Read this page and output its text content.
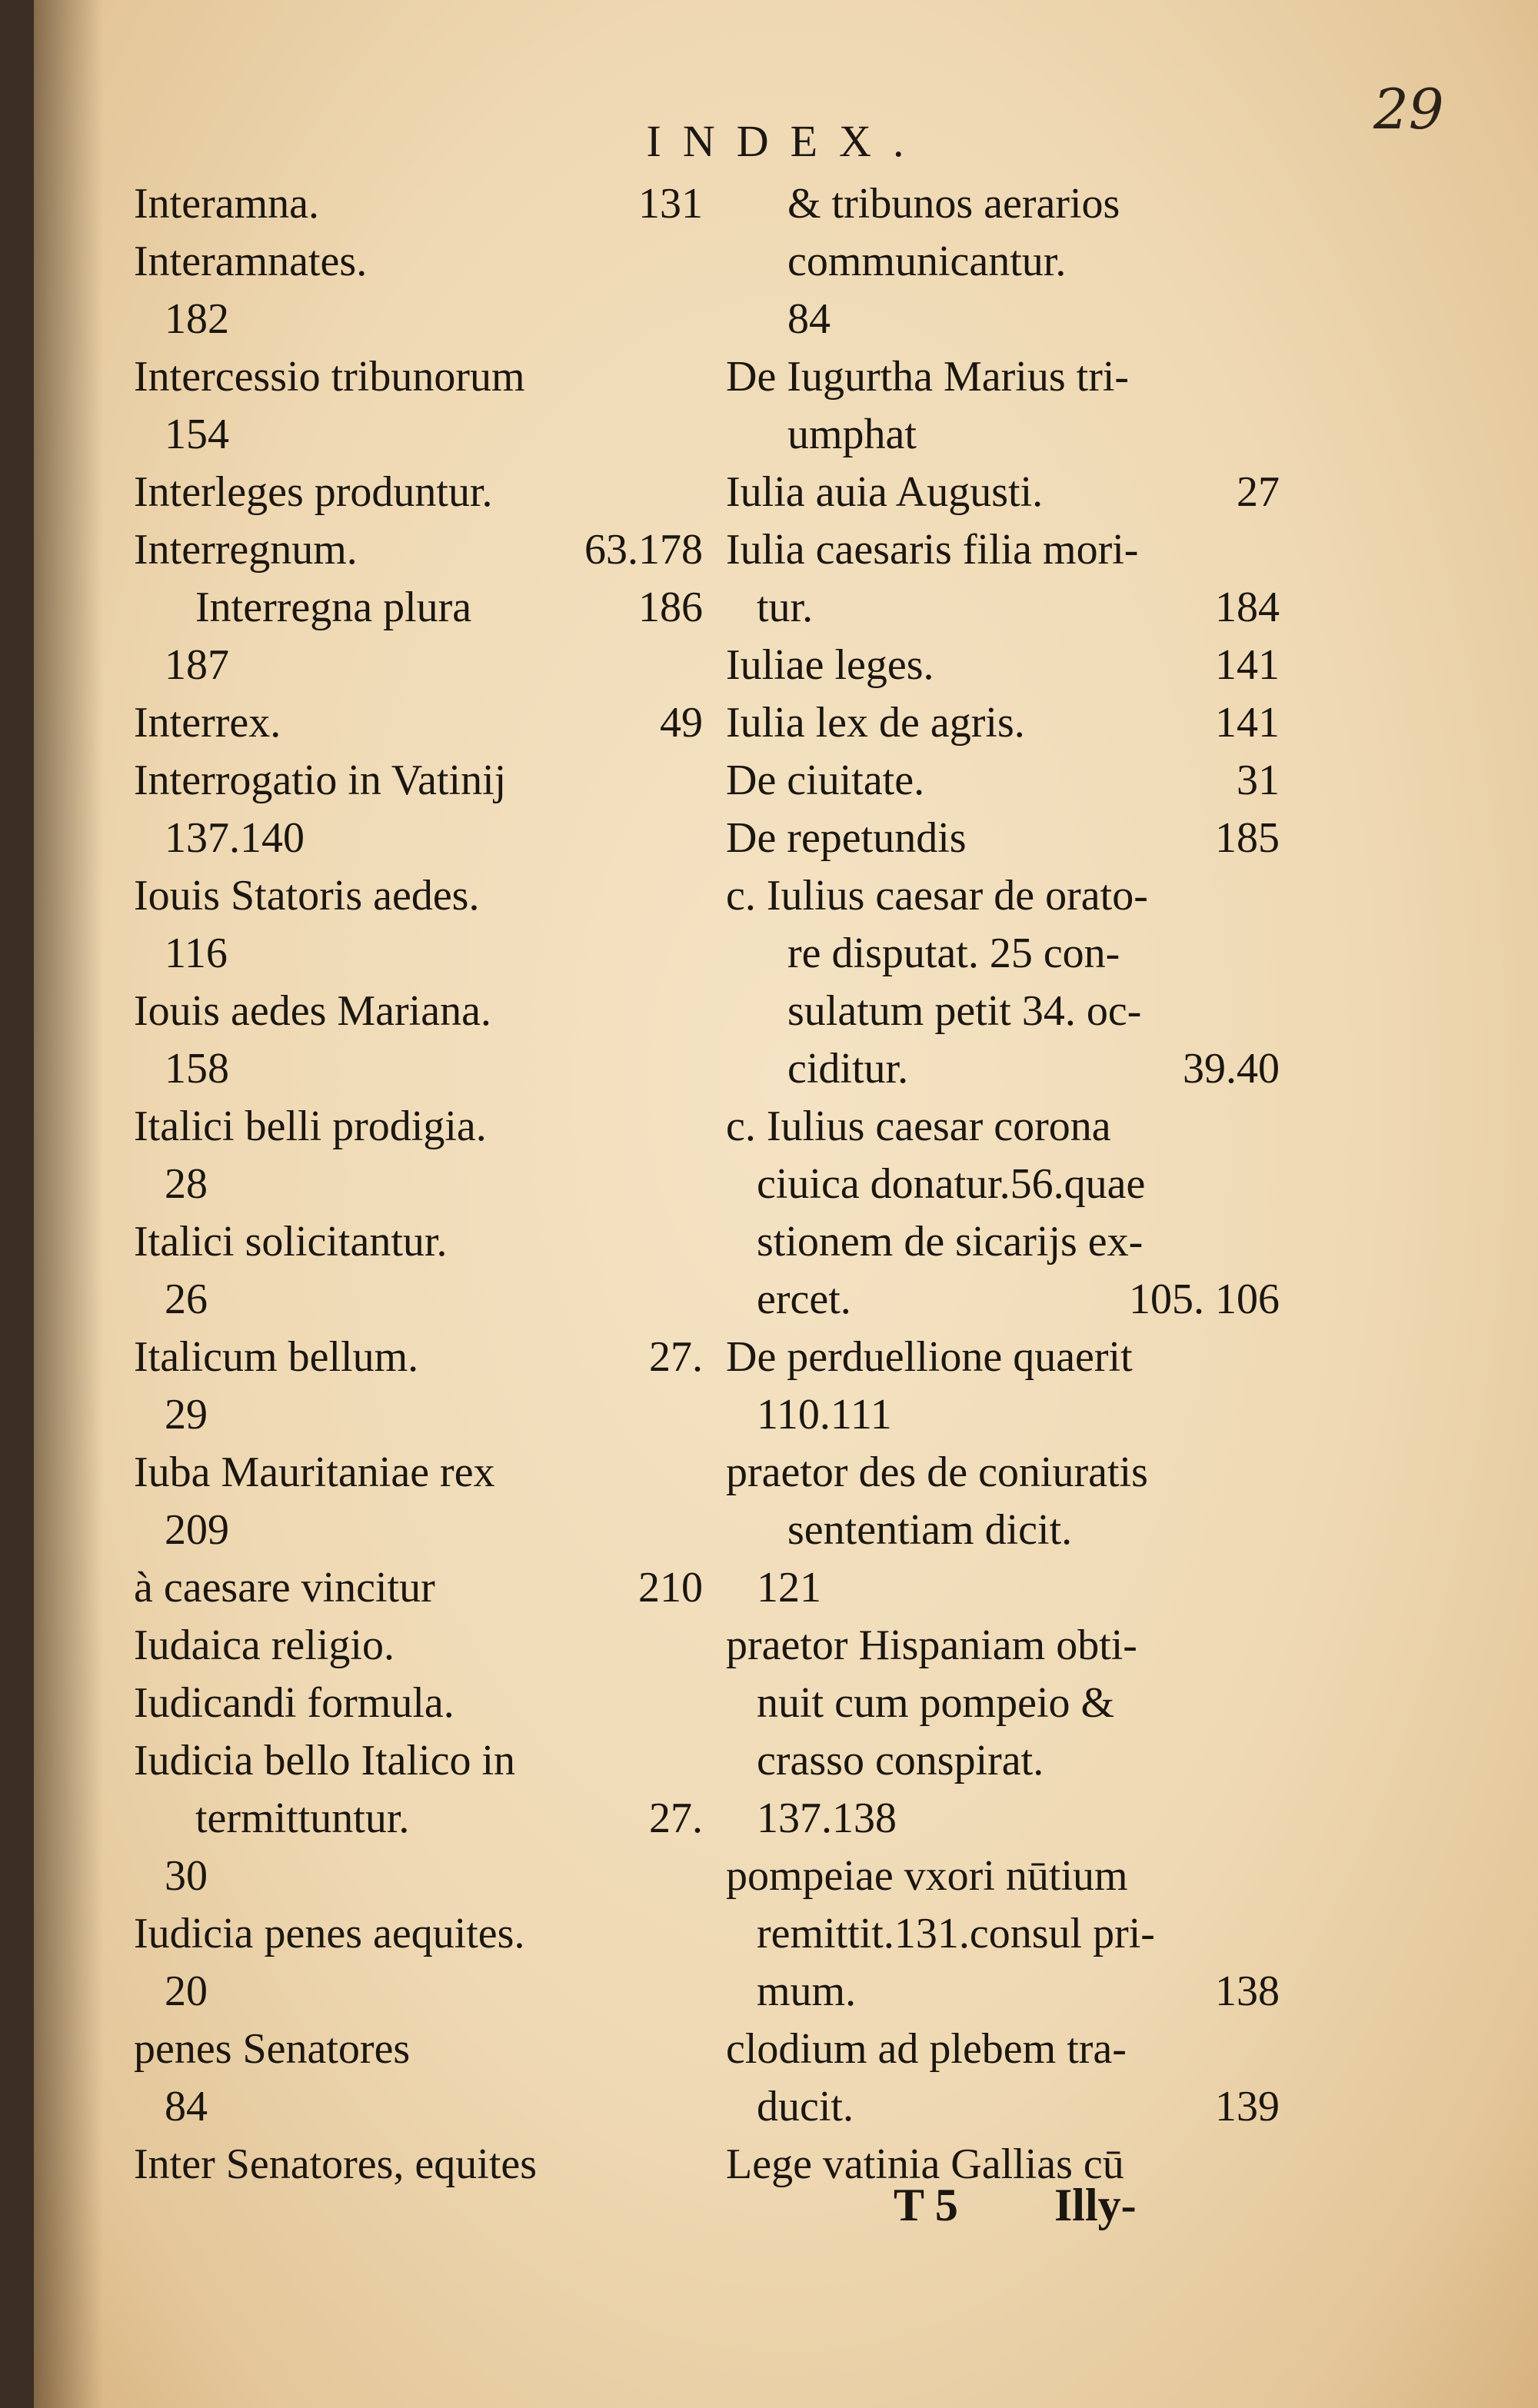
29
INDEX.
Interamna.	131
Interamnates.
182
Intercessio tribunorum
154
Interleges produntur.
Interregnum.	63.178
Interregna plura	186
187
Interrex.	49
Interrogatio in Vatinij
137.140
Iouis Statoris aedes.
116
Iouis aedes Mariana.
158
Italici belli prodigia.
28
Italici solicitantur.
26
Italicum bellum.	27.
29
Iuba Mauritaniae rex
209
à caesare vincitur	210
Iudaica religio.
Iudicandi formula.
Iudicia bello Italico in
termittuntur.	27.
30
Iudicia penes aequites.
20
penes Senatores
84
Inter Senatores, equites
& tribunos aerarios
communicantur.
84
De Iugurtha Marius tri-
umphat
Iulia auia Augusti.	27
Iulia caesaris filia mori-
tur.	184
Iuliae leges.	141
Iulia lex de agris.	141
De ciuitate.	31
De repetundis	185
c. Iulius caesar de orato-
re disputat. 25 con-
sulatum petit 34. oc-
ciditur.	39.40
c. Iulius caesar corona
ciuica donatur.56.quae
stionem de sicarijs ex-
ercet.	105. 106
De perduellione quaerit
110.111
praetor des de coniuratis
sententiam dicit.
121
praetor Hispaniam obti-
nuit cum pompeio &
crasso conspirat.
137.138
pompeiae vxori nūtium
remittit.131.consul pri-
mum.	138
clodium ad plebem tra-
ducit.	139
Lege vatinia Gallias cū
T 5 Illy-
